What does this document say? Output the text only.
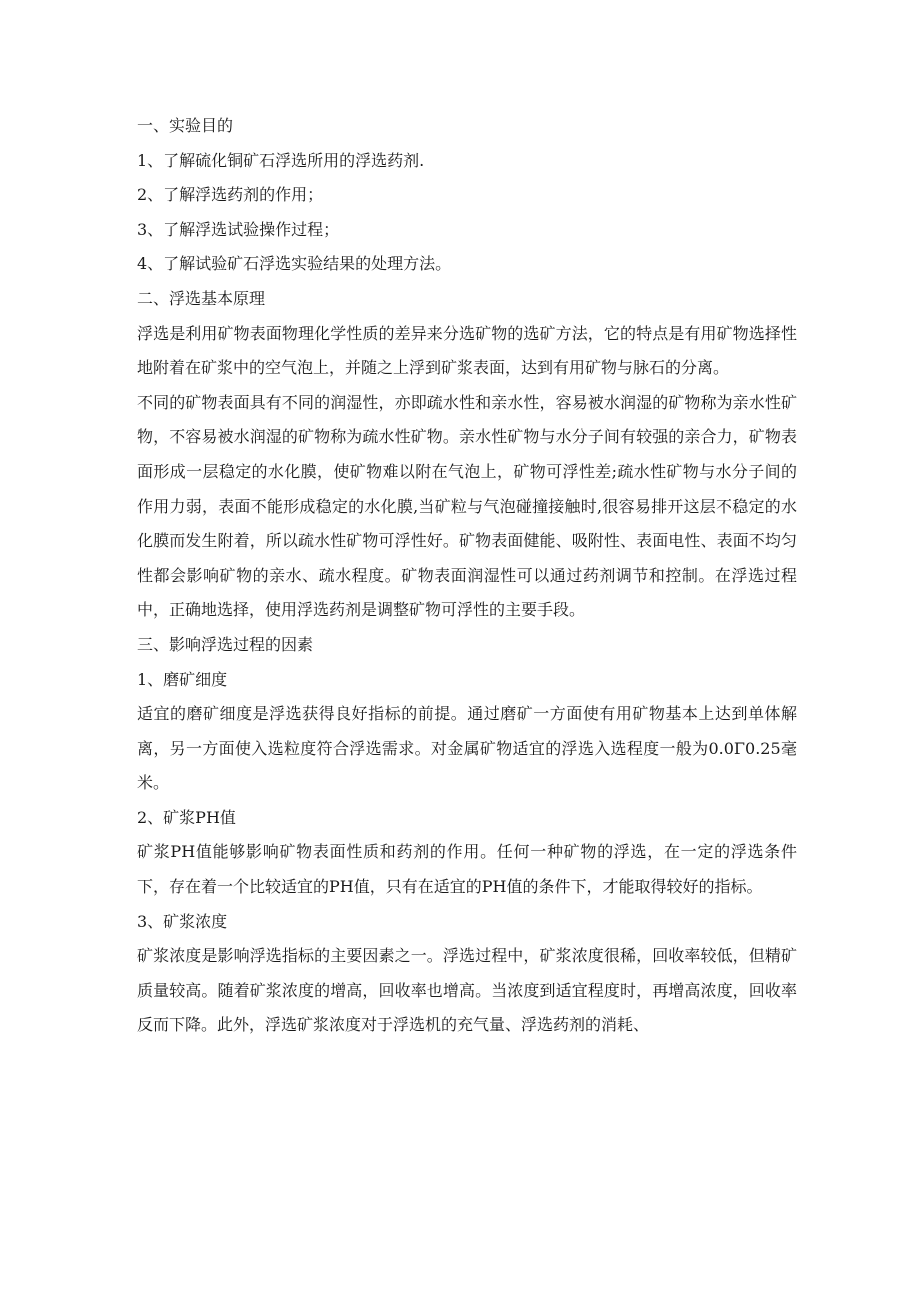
一、实验目的

1、了解硫化铜矿石浮选所用的浮选药剂.

2、了解浮选药剂的作用；

3、了解浮选试验操作过程；

4、了解试验矿石浮选实验结果的处理方法。

二、浮选基本原理

浮选是利用矿物表面物理化学性质的差异来分选矿物的选矿方法，它的特点是有用矿物选择性地附着在矿浆中的空气泡上，并随之上浮到矿浆表面，达到有用矿物与脉石的分离。

不同的矿物表面具有不同的润湿性，亦即疏水性和亲水性，容易被水润湿的矿物称为亲水性矿物，不容易被水润湿的矿物称为疏水性矿物。亲水性矿物与水分子间有较强的亲合力，矿物表面形成一层稳定的水化膜，使矿物难以附在气泡上，矿物可浮性差;疏水性矿物与水分子间的作用力弱，表面不能形成稳定的水化膜,当矿粒与气泡碰撞接触时,很容易排开这层不稳定的水化膜而发生附着，所以疏水性矿物可浮性好。矿物表面健能、吸附性、表面电性、表面不均匀性都会影响矿物的亲水、疏水程度。矿物表面润湿性可以通过药剂调节和控制。在浮选过程中，正确地选择，使用浮选药剂是调整矿物可浮性的主要手段。

三、影响浮选过程的因素

1、磨矿细度

适宜的磨矿细度是浮选获得良好指标的前提。通过磨矿一方面使有用矿物基本上达到单体解离，另一方面使入选粒度符合浮选需求。对金属矿物适宜的浮选入选程度一般为0.0Γ0.25毫米。

2、矿浆PH值

矿浆PH值能够影响矿物表面性质和药剂的作用。任何一种矿物的浮选，在一定的浮选条件下，存在着一个比较适宜的PH值，只有在适宜的PH值的条件下，才能取得较好的指标。

3、矿浆浓度

矿浆浓度是影响浮选指标的主要因素之一。浮选过程中，矿浆浓度很稀，回收率较低，但精矿质量较高。随着矿浆浓度的增高，回收率也增高。当浓度到适宜程度时，再增高浓度，回收率反而下降。此外，浮选矿浆浓度对于浮选机的充气量、浮选药剂的消耗、
